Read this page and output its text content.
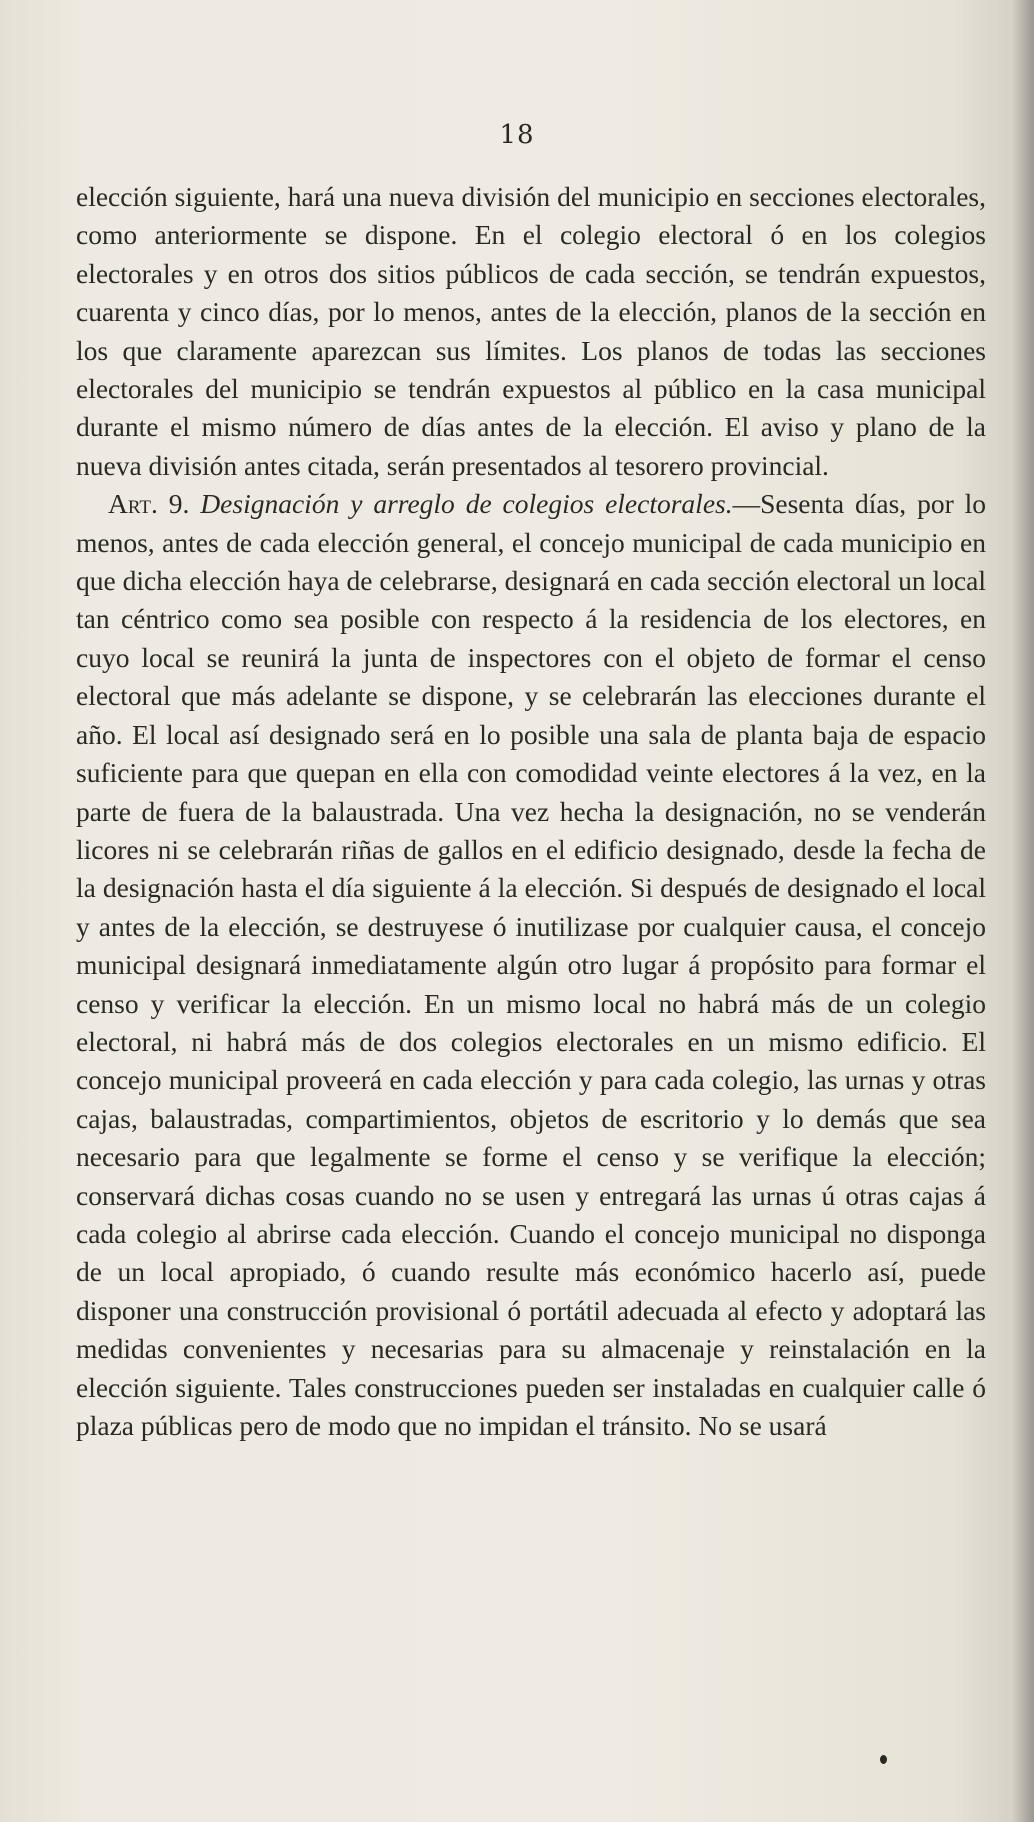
18

elección siguiente, hará una nueva división del municipio en secciones electorales, como anteriormente se dispone. En el colegio electoral ó en los colegios electorales y en otros dos sitios públicos de cada sección, se tendrán expuestos, cuarenta y cinco días, por lo menos, antes de la elección, planos de la sección en los que claramente aparezcan sus límites. Los planos de todas las secciones electorales del municipio se tendrán expuestos al público en la casa municipal durante el mismo número de días antes de la elección. El aviso y plano de la nueva división antes citada, serán presentados al tesorero provincial.

Art. 9. Designación y arreglo de colegios electorales.—Sesenta días, por lo menos, antes de cada elección general, el concejo municipal de cada municipio en que dicha elección haya de celebrarse, designará en cada sección electoral un local tan céntrico como sea posible con respecto á la residencia de los electores, en cuyo local se reunirá la junta de inspectores con el objeto de formar el censo electoral que más adelante se dispone, y se celebrarán las elecciones durante el año. El local así designado será en lo posible una sala de planta baja de espacio suficiente para que quepan en ella con comodidad veinte electores á la vez, en la parte de fuera de la balaustrada. Una vez hecha la designación, no se venderán licores ni se celebrarán riñas de gallos en el edificio designado, desde la fecha de la designación hasta el día siguiente á la elección. Si después de designado el local y antes de la elección, se destruyese ó inutilizase por cualquier causa, el concejo municipal designará inmediatamente algún otro lugar á propósito para formar el censo y verificar la elección. En un mismo local no habrá más de un colegio electoral, ni habrá más de dos colegios electorales en un mismo edificio. El concejo municipal proveerá en cada elección y para cada colegio, las urnas y otras cajas, balaustradas, compartimientos, objetos de escritorio y lo demás que sea necesario para que legalmente se forme el censo y se verifique la elección; conservará dichas cosas cuando no se usen y entregará las urnas ú otras cajas á cada colegio al abrirse cada elección. Cuando el concejo municipal no disponga de un local apropiado, ó cuando resulte más económico hacerlo así, puede disponer una construcción provisional ó portátil adecuada al efecto y adoptará las medidas convenientes y necesarias para su almacenaje y reinstalación en la elección siguiente. Tales construcciones pueden ser instaladas en cualquier calle ó plaza públicas pero de modo que no impidan el tránsito. No se usará
